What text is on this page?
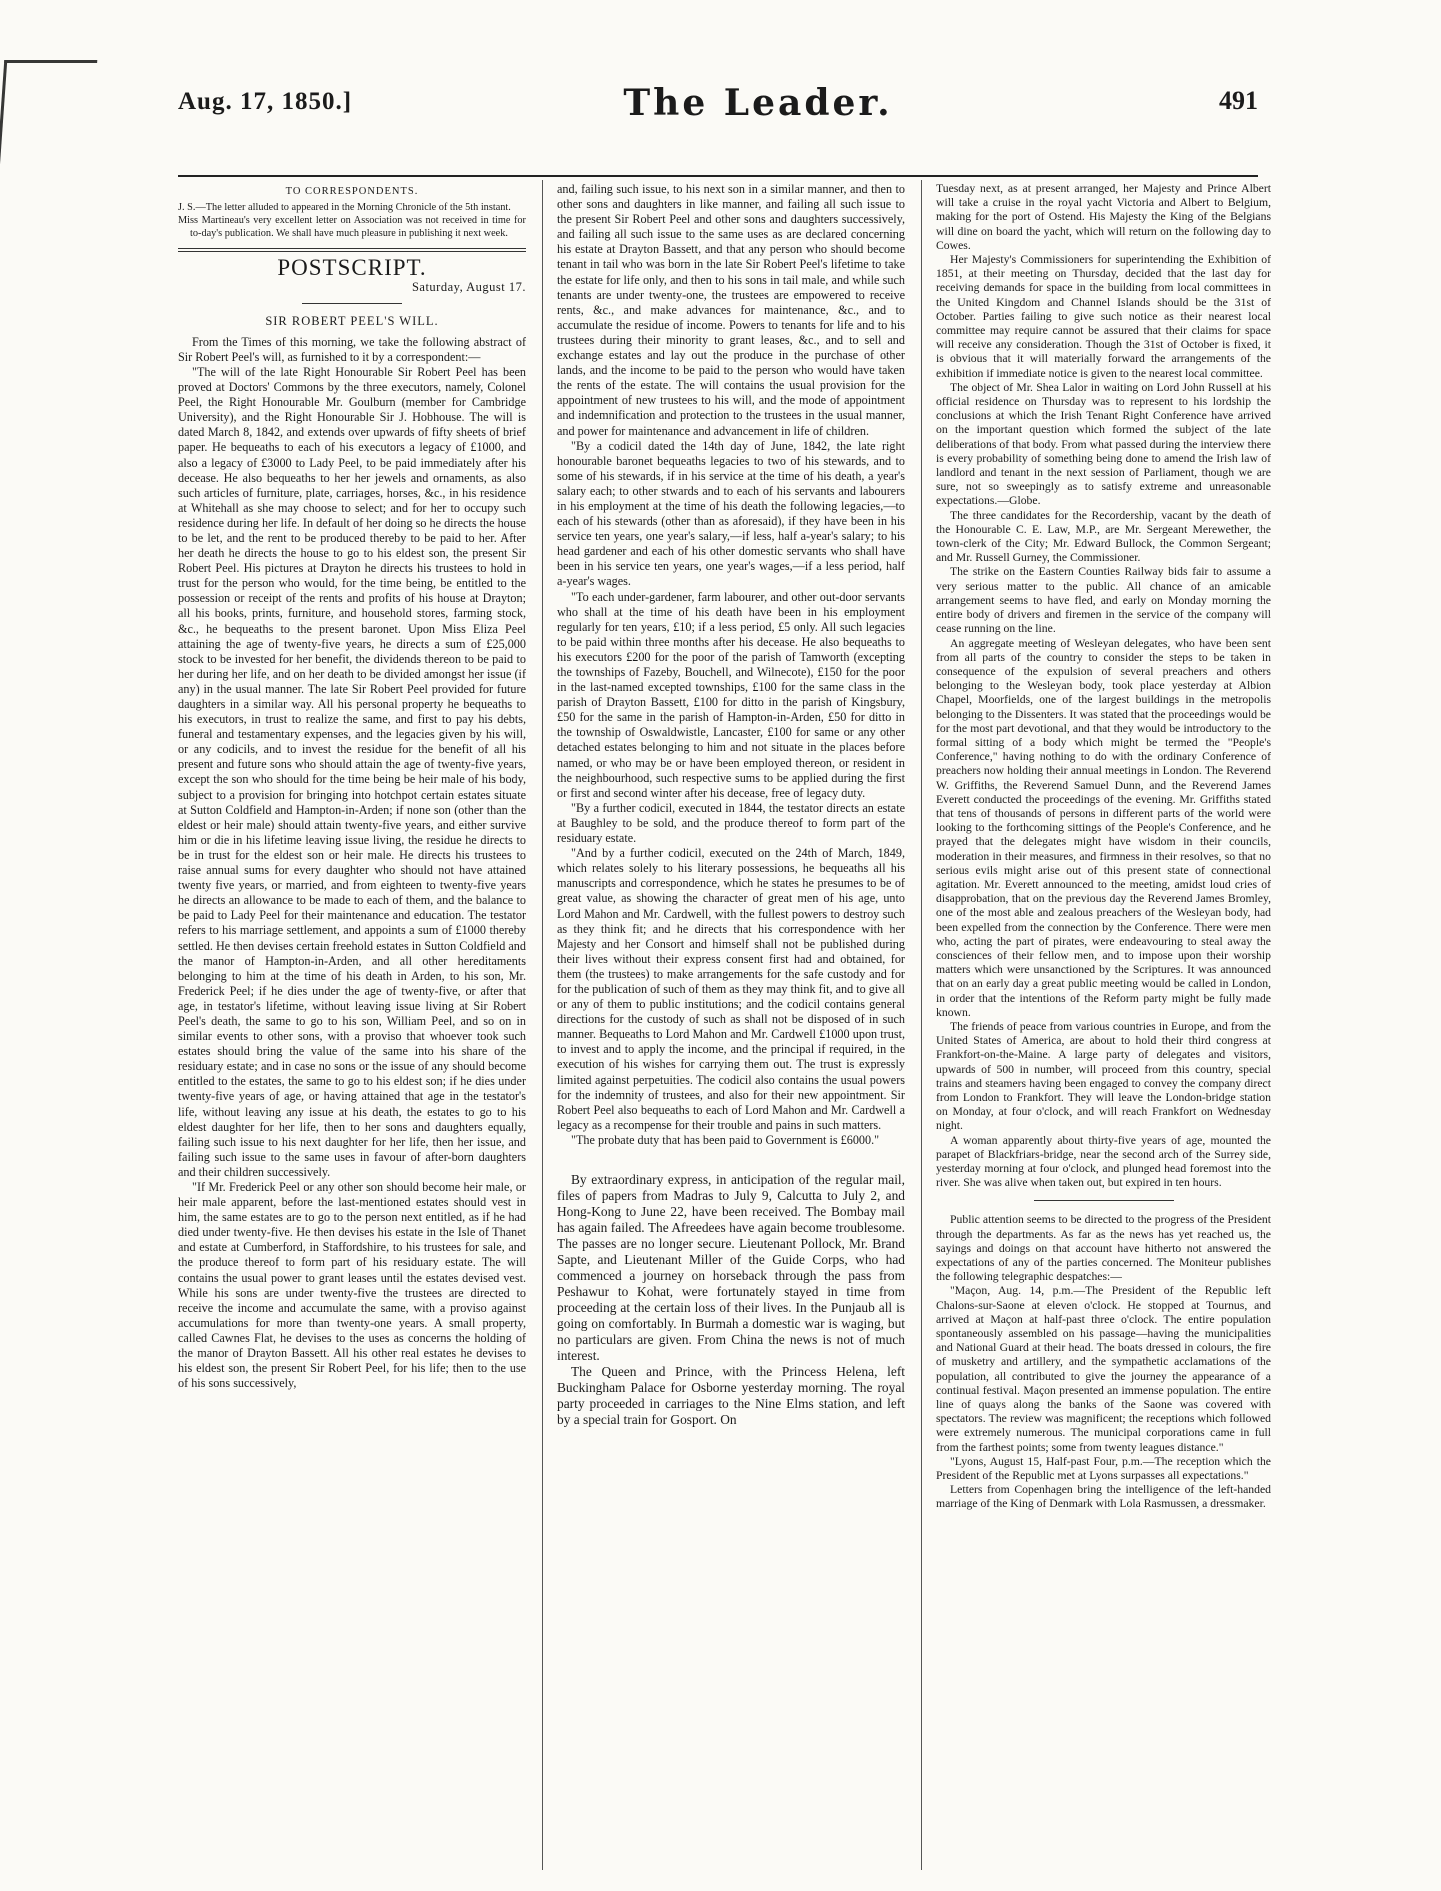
Aug. 17, 1850.]	The Leader.	491
TO CORRESPONDENTS.

J. S.—The letter alluded to appeared in the Morning Chronicle of the 5th instant.

Miss Martineau's very excellent letter on Association was not received in time for to-day's publication. We shall have much pleasure in publishing it next week.

POSTSCRIPT.
Saturday, August 17.
SIR ROBERT PEEL'S WILL.

From the Times of this morning, we take the following abstract of Sir Robert Peel's will, as furnished to it by a correspondent:—

"The will of the late Right Honourable Sir Robert Peel has been proved at Doctors' Commons by the three executors, namely, Colonel Peel, the Right Honourable Mr. Goulburn (member for Cambridge University), and the Right Honourable Sir J. Hobhouse. The will is dated March 8, 1842, and extends over upwards of fifty sheets of brief paper. He bequeaths to each of his executors a legacy of £1000, and also a legacy of £3000 to Lady Peel, to be paid immediately after his decease. He also bequeaths to her her jewels and ornaments, as also such articles of furniture, plate, carriages, horses, &c., in his residence at Whitehall as she may choose to select; and for her to occupy such residence during her life. In default of her doing so he directs the house to be let, and the rent to be produced thereby to be paid to her. After her death he directs the house to go to his eldest son, the present Sir Robert Peel. His pictures at Drayton he directs his trustees to hold in trust for the person who would, for the time being, be entitled to the possession or receipt of the rents and profits of his house at Drayton; all his books, prints, furniture, and household stores, farming stock, &c., he bequeaths to the present baronet. Upon Miss Eliza Peel attaining the age of twenty-five years, he directs a sum of £25,000 stock to be invested for her benefit, the dividends thereon to be paid to her during her life, and on her death to be divided amongst her issue (if any) in the usual manner. The late Sir Robert Peel provided for future daughters in a similar way. All his personal property he bequeaths to his executors, in trust to realize the same, and first to pay his debts, funeral and testamentary expenses, and the legacies given by his will, or any codicils, and to invest the residue for the benefit of all his present and future sons who should attain the age of twenty-five years, except the son who should for the time being be heir male of his body, subject to a provision for bringing into hotchpot certain estates situate at Sutton Coldfield and Hampton-in-Arden; if none son (other than the eldest or heir male) should attain twenty-five years, and either survive him or die in his lifetime leaving issue living, the residue he directs to be in trust for the eldest son or heir male. He directs his trustees to raise annual sums for every daughter who should not have attained twenty five years, or married, and from eighteen to twenty-five years he directs an allowance to be made to each of them, and the balance to be paid to Lady Peel for their maintenance and education. The testator refers to his marriage settlement, and appoints a sum of £1000 thereby settled. He then devises certain freehold estates in Sutton Coldfield and the manor of Hampton-in-Arden, and all other hereditaments belonging to him at the time of his death in Arden, to his son, Mr. Frederick Peel; if he dies under the age of twenty-five, or after that age, in testator's lifetime, without leaving issue living at Sir Robert Peel's death, the same to go to his son, William Peel, and so on in similar events to other sons, with a proviso that whoever took such estates should bring the value of the same into his share of the residuary estate; and in case no sons or the issue of any should become entitled to the estates, the same to go to his eldest son; if he dies under twenty-five years of age, or having attained that age in the testator's life, without leaving any issue at his death, the estates to go to his eldest daughter for her life, then to her sons and daughters equally, failing such issue to his next daughter for her life, then her issue, and failing such issue to the same uses in favour of after-born daughters and their children successively.

"If Mr. Frederick Peel or any other son should become heir male, or heir male apparent, before the last-mentioned estates should vest in him, the same estates are to go to the person next entitled, as if he had died under twenty-five. He then devises his estate in the Isle of Thanet and estate at Cumberford, in Staffordshire, to his trustees for sale, and the produce thereof to form part of his residuary estate. The will contains the usual power to grant leases until the estates devised vest. While his sons are under twenty-five the trustees are directed to receive the income and accumulate the same, with a proviso against accumulations for more than twenty-one years. A small property, called Cawnes Flat, he devises to the uses as concerns the holding of the manor of Drayton Bassett. All his other real estates he devises to his eldest son, the present Sir Robert Peel, for his life; then to the use of his sons successively,

and, failing such issue, to his next son in a similar manner, and then to other sons and daughters in like manner, and failing all such issue to the present Sir Robert Peel and other sons and daughters successively, and failing all such issue to the same uses as are declared concerning his estate at Drayton Bassett, and that any person who should become tenant in tail who was born in the late Sir Robert Peel's lifetime to take the estate for life only, and then to his sons in tail male, and while such tenants are under twenty-one, the trustees are empowered to receive rents, &c., and make advances for maintenance, &c., and to accumulate the residue of income. Powers to tenants for life and to his trustees during their minority to grant leases, &c., and to sell and exchange estates and lay out the produce in the purchase of other lands, and the income to be paid to the person who would have taken the rents of the estate. The will contains the usual provision for the appointment of new trustees to his will, and the mode of appointment and indemnification and protection to the trustees in the usual manner, and power for maintenance and advancement in life of children.

"By a codicil dated the 14th day of June, 1842, the late right honourable baronet bequeaths legacies to two of his stewards, and to some of his stewards, if in his service at the time of his death, a year's salary each; to other stwards and to each of his servants and labourers in his employment at the time of his death the following legacies,—to each of his stewards (other than as aforesaid), if they have been in his service ten years, one year's salary,—if less, half a-year's salary; to his head gardener and each of his other domestic servants who shall have been in his service ten years, one year's wages,—if a less period, half a-year's wages.

"To each under-gardener, farm labourer, and other out-door servants who shall at the time of his death have been in his employment regularly for ten years, £10; if a less period, £5 only. All such legacies to be paid within three months after his decease. He also bequeaths to his executors £200 for the poor of the parish of Tamworth (excepting the townships of Fazeby, Bouchell, and Wilnecote), £150 for the poor in the last-named excepted townships, £100 for the same class in the parish of Drayton Bassett, £100 for ditto in the parish of Kingsbury, £50 for the same in the parish of Hampton-in-Arden, £50 for ditto in the township of Oswaldwistle, Lancaster, £100 for same or any other detached estates belonging to him and not situate in the places before named, or who may be or have been employed thereon, or resident in the neighbourhood, such respective sums to be applied during the first or first and second winter after his decease, free of legacy duty.

"By a further codicil, executed in 1844, the testator directs an estate at Baughley to be sold, and the produce thereof to form part of the residuary estate.

"And by a further codicil, executed on the 24th of March, 1849, which relates solely to his literary possessions, he bequeaths all his manuscripts and correspondence, which he states he presumes to be of great value, as showing the character of great men of his age, unto Lord Mahon and Mr. Cardwell, with the fullest powers to destroy such as they think fit; and he directs that his correspondence with her Majesty and her Consort and himself shall not be published during their lives without their express consent first had and obtained, for them (the trustees) to make arrangements for the safe custody and for for the publication of such of them as they may think fit, and to give all or any of them to public institutions; and the codicil contains general directions for the custody of such as shall not be disposed of in such manner. Bequeaths to Lord Mahon and Mr. Cardwell £1000 upon trust, to invest and to apply the income, and the principal if required, in the execution of his wishes for carrying them out. The trust is expressly limited against perpetuities. The codicil also contains the usual powers for the indemnity of trustees, and also for their new appointment. Sir Robert Peel also bequeaths to each of Lord Mahon and Mr. Cardwell a legacy as a recompense for their trouble and pains in such matters.

"The probate duty that has been paid to Government is £6000."

By extraordinary express, in anticipation of the regular mail, files of papers from Madras to July 9, Calcutta to July 2, and Hong-Kong to June 22, have been received. The Bombay mail has again failed. The Afreedees have again become troublesome. The passes are no longer secure. Lieutenant Pollock, Mr. Brand Sapte, and Lieutenant Miller of the Guide Corps, who had commenced a journey on horseback through the pass from Peshawur to Kohat, were fortunately stayed in time from proceeding at the certain loss of their lives. In the Punjaub all is going on comfortably. In Burmah a domestic war is waging, but no particulars are given. From China the news is not of much interest.

The Queen and Prince, with the Princess Helena, left Buckingham Palace for Osborne yesterday morning. The royal party proceeded in carriages to the Nine Elms station, and left by a special train for Gosport. On

Tuesday next, as at present arranged, her Majesty and Prince Albert will take a cruise in the royal yacht Victoria and Albert to Belgium, making for the port of Ostend. His Majesty the King of the Belgians will dine on board the yacht, which will return on the following day to Cowes.

Her Majesty's Commissioners for superintending the Exhibition of 1851, at their meeting on Thursday, decided that the last day for receiving demands for space in the building from local committees in the United Kingdom and Channel Islands should be the 31st of October. Parties failing to give such notice as their nearest local committee may require cannot be assured that their claims for space will receive any consideration. Though the 31st of October is fixed, it is obvious that it will materially forward the arrangements of the exhibition if immediate notice is given to the nearest local committee.

The object of Mr. Shea Lalor in waiting on Lord John Russell at his official residence on Thursday was to represent to his lordship the conclusions at which the Irish Tenant Right Conference have arrived on the important question which formed the subject of the late deliberations of that body. From what passed during the interview there is every probability of something being done to amend the Irish law of landlord and tenant in the next session of Parliament, though we are sure, not so sweepingly as to satisfy extreme and unreasonable expectations.—Globe.

The three candidates for the Recordership, vacant by the death of the Honourable C. E. Law, M.P., are Mr. Sergeant Merewether, the town-clerk of the City; Mr. Edward Bullock, the Common Sergeant; and Mr. Russell Gurney, the Commissioner.

The strike on the Eastern Counties Railway bids fair to assume a very serious matter to the public. All chance of an amicable arrangement seems to have fled, and early on Monday morning the entire body of drivers and firemen in the service of the company will cease running on the line.

An aggregate meeting of Wesleyan delegates, who have been sent from all parts of the country to consider the steps to be taken in consequence of the expulsion of several preachers and others belonging to the Wesleyan body, took place yesterday at Albion Chapel, Moorfields, one of the largest buildings in the metropolis belonging to the Dissenters. It was stated that the proceedings would be for the most part devotional, and that they would be introductory to the formal sitting of a body which might be termed the "People's Conference," having nothing to do with the ordinary Conference of preachers now holding their annual meetings in London. The Reverend W. Griffiths, the Reverend Samuel Dunn, and the Reverend James Everett conducted the proceedings of the evening. Mr. Griffiths stated that tens of thousands of persons in different parts of the world were looking to the forthcoming sittings of the People's Conference, and he prayed that the delegates might have wisdom in their councils, moderation in their measures, and firmness in their resolves, so that no serious evils might arise out of this present state of connectional agitation. Mr. Everett announced to the meeting, amidst loud cries of disapprobation, that on the previous day the Reverend James Bromley, one of the most able and zealous preachers of the Wesleyan body, had been expelled from the connection by the Conference. There were men who, acting the part of pirates, were endeavouring to steal away the consciences of their fellow men, and to impose upon their worship matters which were unsanctioned by the Scriptures. It was announced that on an early day a great public meeting would be called in London, in order that the intentions of the Reform party might be fully made known.

The friends of peace from various countries in Europe, and from the United States of America, are about to hold their third congress at Frankfort-on-the-Maine. A large party of delegates and visitors, upwards of 500 in number, will proceed from this country, special trains and steamers having been engaged to convey the company direct from London to Frankfort. They will leave the London-bridge station on Monday, at four o'clock, and will reach Frankfort on Wednesday night.

A woman apparently about thirty-five years of age, mounted the parapet of Blackfriars-bridge, near the second arch of the Surrey side, yesterday morning at four o'clock, and plunged head foremost into the river. She was alive when taken out, but expired in ten hours.

Public attention seems to be directed to the progress of the President through the departments. As far as the news has yet reached us, the sayings and doings on that account have hitherto not answered the expectations of any of the parties concerned. The Moniteur publishes the following telegraphic despatches:—

"Maçon, Aug. 14, p.m.—The President of the Republic left Chalons-sur-Saone at eleven o'clock. He stopped at Tournus, and arrived at Maçon at half-past three o'clock. The entire population spontaneously assembled on his passage—having the municipalities and National Guard at their head. The boats dressed in colours, the fire of musketry and artillery, and the sympathetic acclamations of the population, all contributed to give the journey the appearance of a continual festival. Maçon presented an immense population. The entire line of quays along the banks of the Saone was covered with spectators. The review was magnificent; the receptions which followed were extremely numerous. The municipal corporations came in full from the farthest points; some from twenty leagues distance."

"Lyons, August 15, Half-past Four, p.m.—The reception which the President of the Republic met at Lyons surpasses all expectations."

Letters from Copenhagen bring the intelligence of the left-handed marriage of the King of Denmark with Lola Rasmussen, a dressmaker.
